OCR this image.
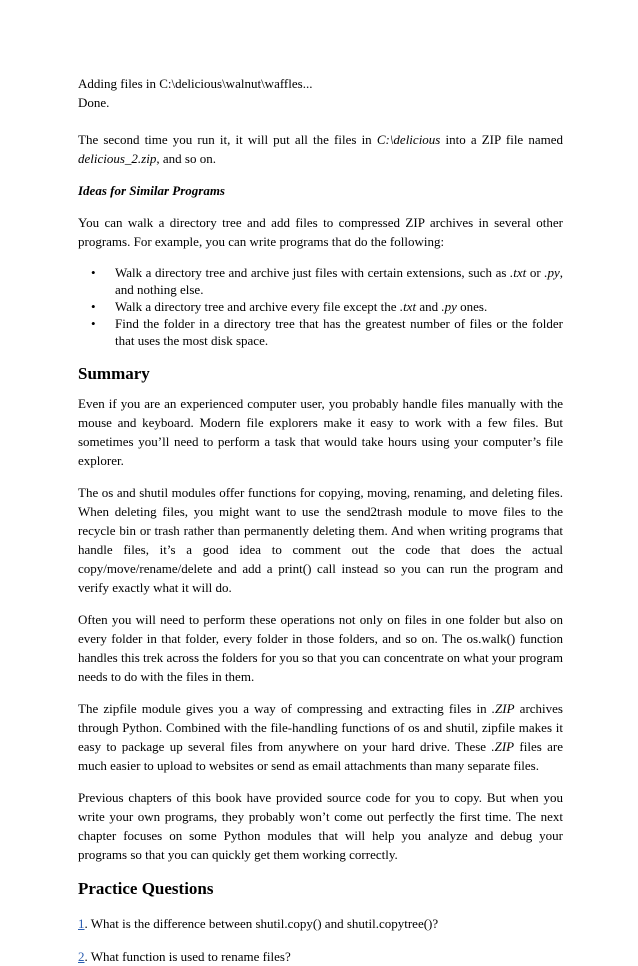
Adding files in C:\delicious\walnut\waffles...
Done.

The second time you run it, it will put all the files in C:\delicious into a ZIP file named delicious_2.zip, and so on.

Ideas for Similar Programs

You can walk a directory tree and add files to compressed ZIP archives in several other programs. For example, you can write programs that do the following:

• Walk a directory tree and archive just files with certain extensions, such as .txt or .py, and nothing else.
• Walk a directory tree and archive every file except the .txt and .py ones.
• Find the folder in a directory tree that has the greatest number of files or the folder that uses the most disk space.
Summary

Even if you are an experienced computer user, you probably handle files manually with the mouse and keyboard. Modern file explorers make it easy to work with a few files. But sometimes you’ll need to perform a task that would take hours using your computer’s file explorer.

The os and shutil modules offer functions for copying, moving, renaming, and deleting files. When deleting files, you might want to use the send2trash module to move files to the recycle bin or trash rather than permanently deleting them. And when writing programs that handle files, it’s a good idea to comment out the code that does the actual copy/move/rename/delete and add a print() call instead so you can run the program and verify exactly what it will do.

Often you will need to perform these operations not only on files in one folder but also on every folder in that folder, every folder in those folders, and so on. The os.walk() function handles this trek across the folders for you so that you can concentrate on what your program needs to do with the files in them.

The zipfile module gives you a way of compressing and extracting files in .ZIP archives through Python. Combined with the file-handling functions of os and shutil, zipfile makes it easy to package up several files from anywhere on your hard drive. These .ZIP files are much easier to upload to websites or send as email attachments than many separate files.

Previous chapters of this book have provided source code for you to copy. But when you write your own programs, they probably won’t come out perfectly the first time. The next chapter focuses on some Python modules that will help you analyze and debug your programs so that you can quickly get them working correctly.

Practice Questions

1. What is the difference between shutil.copy() and shutil.copytree()?

2. What function is used to rename files?
